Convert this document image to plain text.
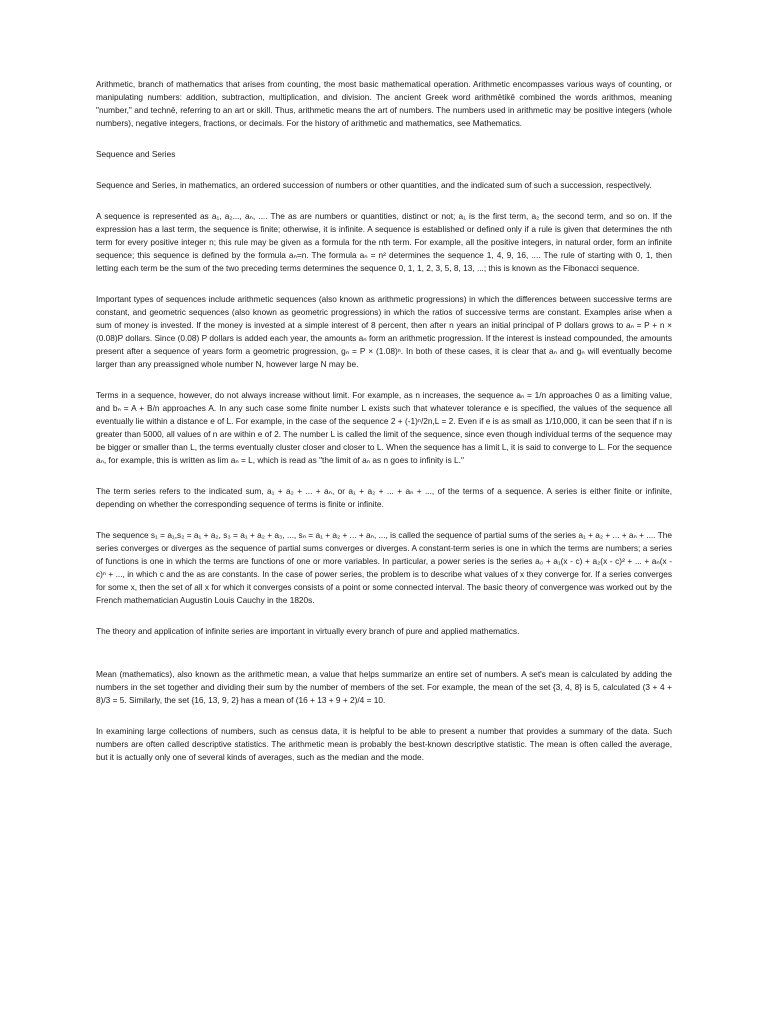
Arithmetic, branch of mathematics that arises from counting, the most basic mathematical operation. Arithmetic encompasses various ways of counting, or manipulating numbers: addition, subtraction, multiplication, and division. The ancient Greek word arithmētikē combined the words arithmos, meaning "number," and technē, referring to an art or skill. Thus, arithmetic means the art of numbers. The numbers used in arithmetic may be positive integers (whole numbers), negative integers, fractions, or decimals. For the history of arithmetic and mathematics, see Mathematics.

Sequence and Series

Sequence and Series, in mathematics, an ordered succession of numbers or other quantities, and the indicated sum of such a succession, respectively.

A sequence is represented as a₁, a₂..., aₙ, .... The as are numbers or quantities, distinct or not; a₁ is the first term, a₂ the second term, and so on. If the expression has a last term, the sequence is finite; otherwise, it is infinite. A sequence is established or defined only if a rule is given that determines the nth term for every positive integer n; this rule may be given as a formula for the nth term. For example, all the positive integers, in natural order, form an infinite sequence; this sequence is defined by the formula aₙ=n. The formula aₙ = n² determines the sequence 1, 4, 9, 16, .... The rule of starting with 0, 1, then letting each term be the sum of the two preceding terms determines the sequence 0, 1, 1, 2, 3, 5, 8, 13, ...; this is known as the Fibonacci sequence.

Important types of sequences include arithmetic sequences (also known as arithmetic progressions) in which the differences between successive terms are constant, and geometric sequences (also known as geometric progressions) in which the ratios of successive terms are constant. Examples arise when a sum of money is invested. If the money is invested at a simple interest of 8 percent, then after n years an initial principal of P dollars grows to aₙ = P + n × (0.08)P dollars. Since (0.08) P dollars is added each year, the amounts aₙ form an arithmetic progression. If the interest is instead compounded, the amounts present after a sequence of years form a geometric progression, gₙ = P × (1.08)ⁿ. In both of these cases, it is clear that aₙ and gₙ will eventually become larger than any preassigned whole number N, however large N may be.

Terms in a sequence, however, do not always increase without limit. For example, as n increases, the sequence aₙ = 1/n approaches 0 as a limiting value, and bₙ = A + B/n approaches A. In any such case some finite number L exists such that whatever tolerance e is specified, the values of the sequence all eventually lie within a distance e of L. For example, in the case of the sequence 2 + (-1)ⁿ/2n,L = 2. Even if e is as small as 1/10,000, it can be seen that if n is greater than 5000, all values of n are within e of 2. The number L is called the limit of the sequence, since even though individual terms of the sequence may be bigger or smaller than L, the terms eventually cluster closer and closer to L. When the sequence has a limit L, it is said to converge to L. For the sequence aₙ, for example, this is written as lim aₙ = L, which is read as "the limit of aₙ as n goes to infinity is L."

The term series refers to the indicated sum, a₁ + a₂ + ... + aₙ, or a₁ + a₂ + ... + aₙ + ..., of the terms of a sequence. A series is either finite or infinite, depending on whether the corresponding sequence of terms is finite or infinite.

The sequence s₁ = a₁,s₂ = a₁ + a₂, s₃ = a₁ + a₂ + a₃, ..., sₙ = a₁ + a₂ + ... + aₙ, ..., is called the sequence of partial sums of the series a₁ + a₂ + ... + aₙ + .... The series converges or diverges as the sequence of partial sums converges or diverges. A constant-term series is one in which the terms are numbers; a series of functions is one in which the terms are functions of one or more variables. In particular, a power series is the series a₀ + a₁(x - c) + a₂(x - c)² + ... + aₙ(x - c)ⁿ + ..., in which c and the as are constants. In the case of power series, the problem is to describe what values of x they converge for. If a series converges for some x, then the set of all x for which it converges consists of a point or some connected interval. The basic theory of convergence was worked out by the French mathematician Augustin Louis Cauchy in the 1820s.

The theory and application of infinite series are important in virtually every branch of pure and applied mathematics.

Mean (mathematics), also known as the arithmetic mean, a value that helps summarize an entire set of numbers. A set's mean is calculated by adding the numbers in the set together and dividing their sum by the number of members of the set. For example, the mean of the set {3, 4, 8} is 5, calculated (3 + 4 + 8)/3 = 5. Similarly, the set {16, 13, 9, 2} has a mean of (16 + 13 + 9 + 2)/4 = 10.

In examining large collections of numbers, such as census data, it is helpful to be able to present a number that provides a summary of the data. Such numbers are often called descriptive statistics. The arithmetic mean is probably the best-known descriptive statistic. The mean is often called the average, but it is actually only one of several kinds of averages, such as the median and the mode.
